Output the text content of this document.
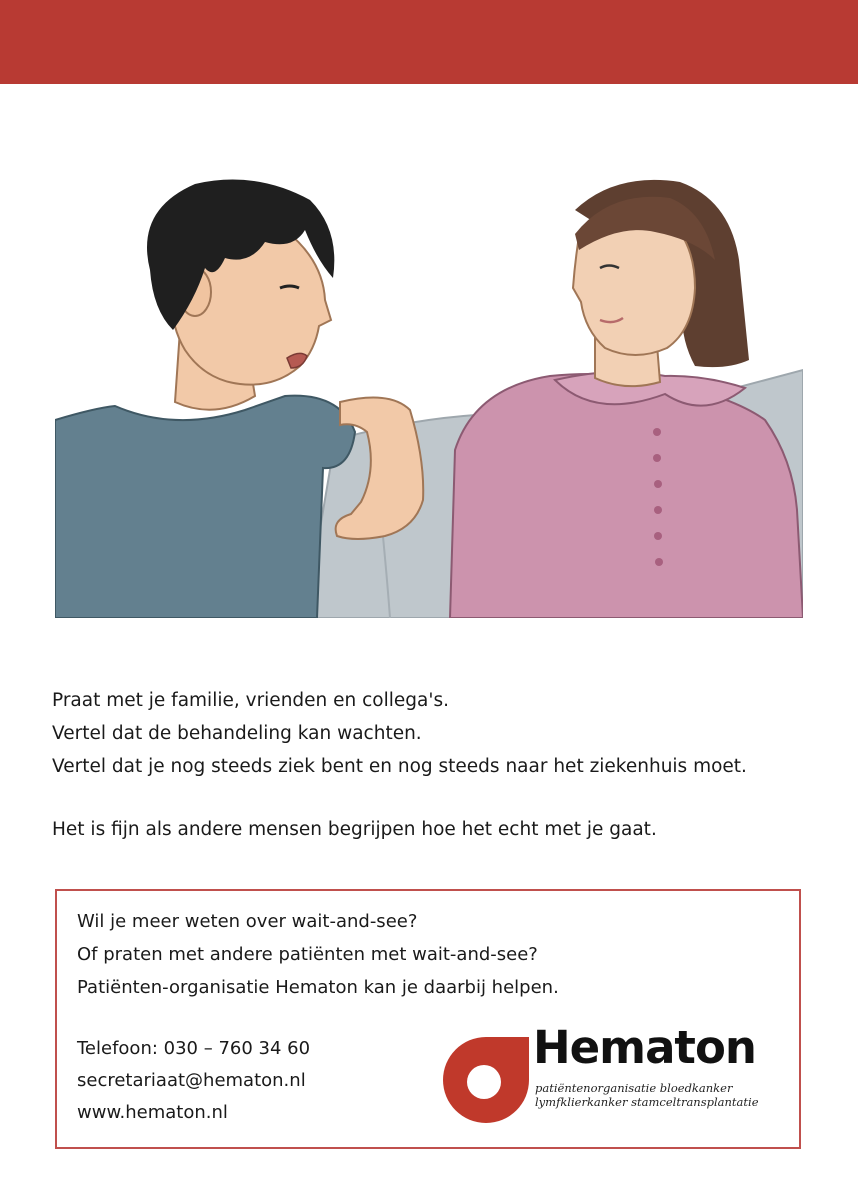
Praat met je familie, vrienden en collega's.

Vertel dat de behandeling kan wachten.

Vertel dat je nog steeds ziek bent en nog steeds naar het ziekenhuis moet.

Het is fijn als andere mensen begrijpen hoe het echt met je gaat.

Wil je meer weten over wait-and-see?

Of praten met andere patiënten met wait-and-see?

Patiënten-organisatie Hematon kan je daarbij helpen.

Telefoon: 030 – 760 34 60

secretariaat@hematon.nl

www.hematon.nl

Hematon
patiëntenorganisatie bloedkanker
lymfklierkanker stamceltransplantatie
